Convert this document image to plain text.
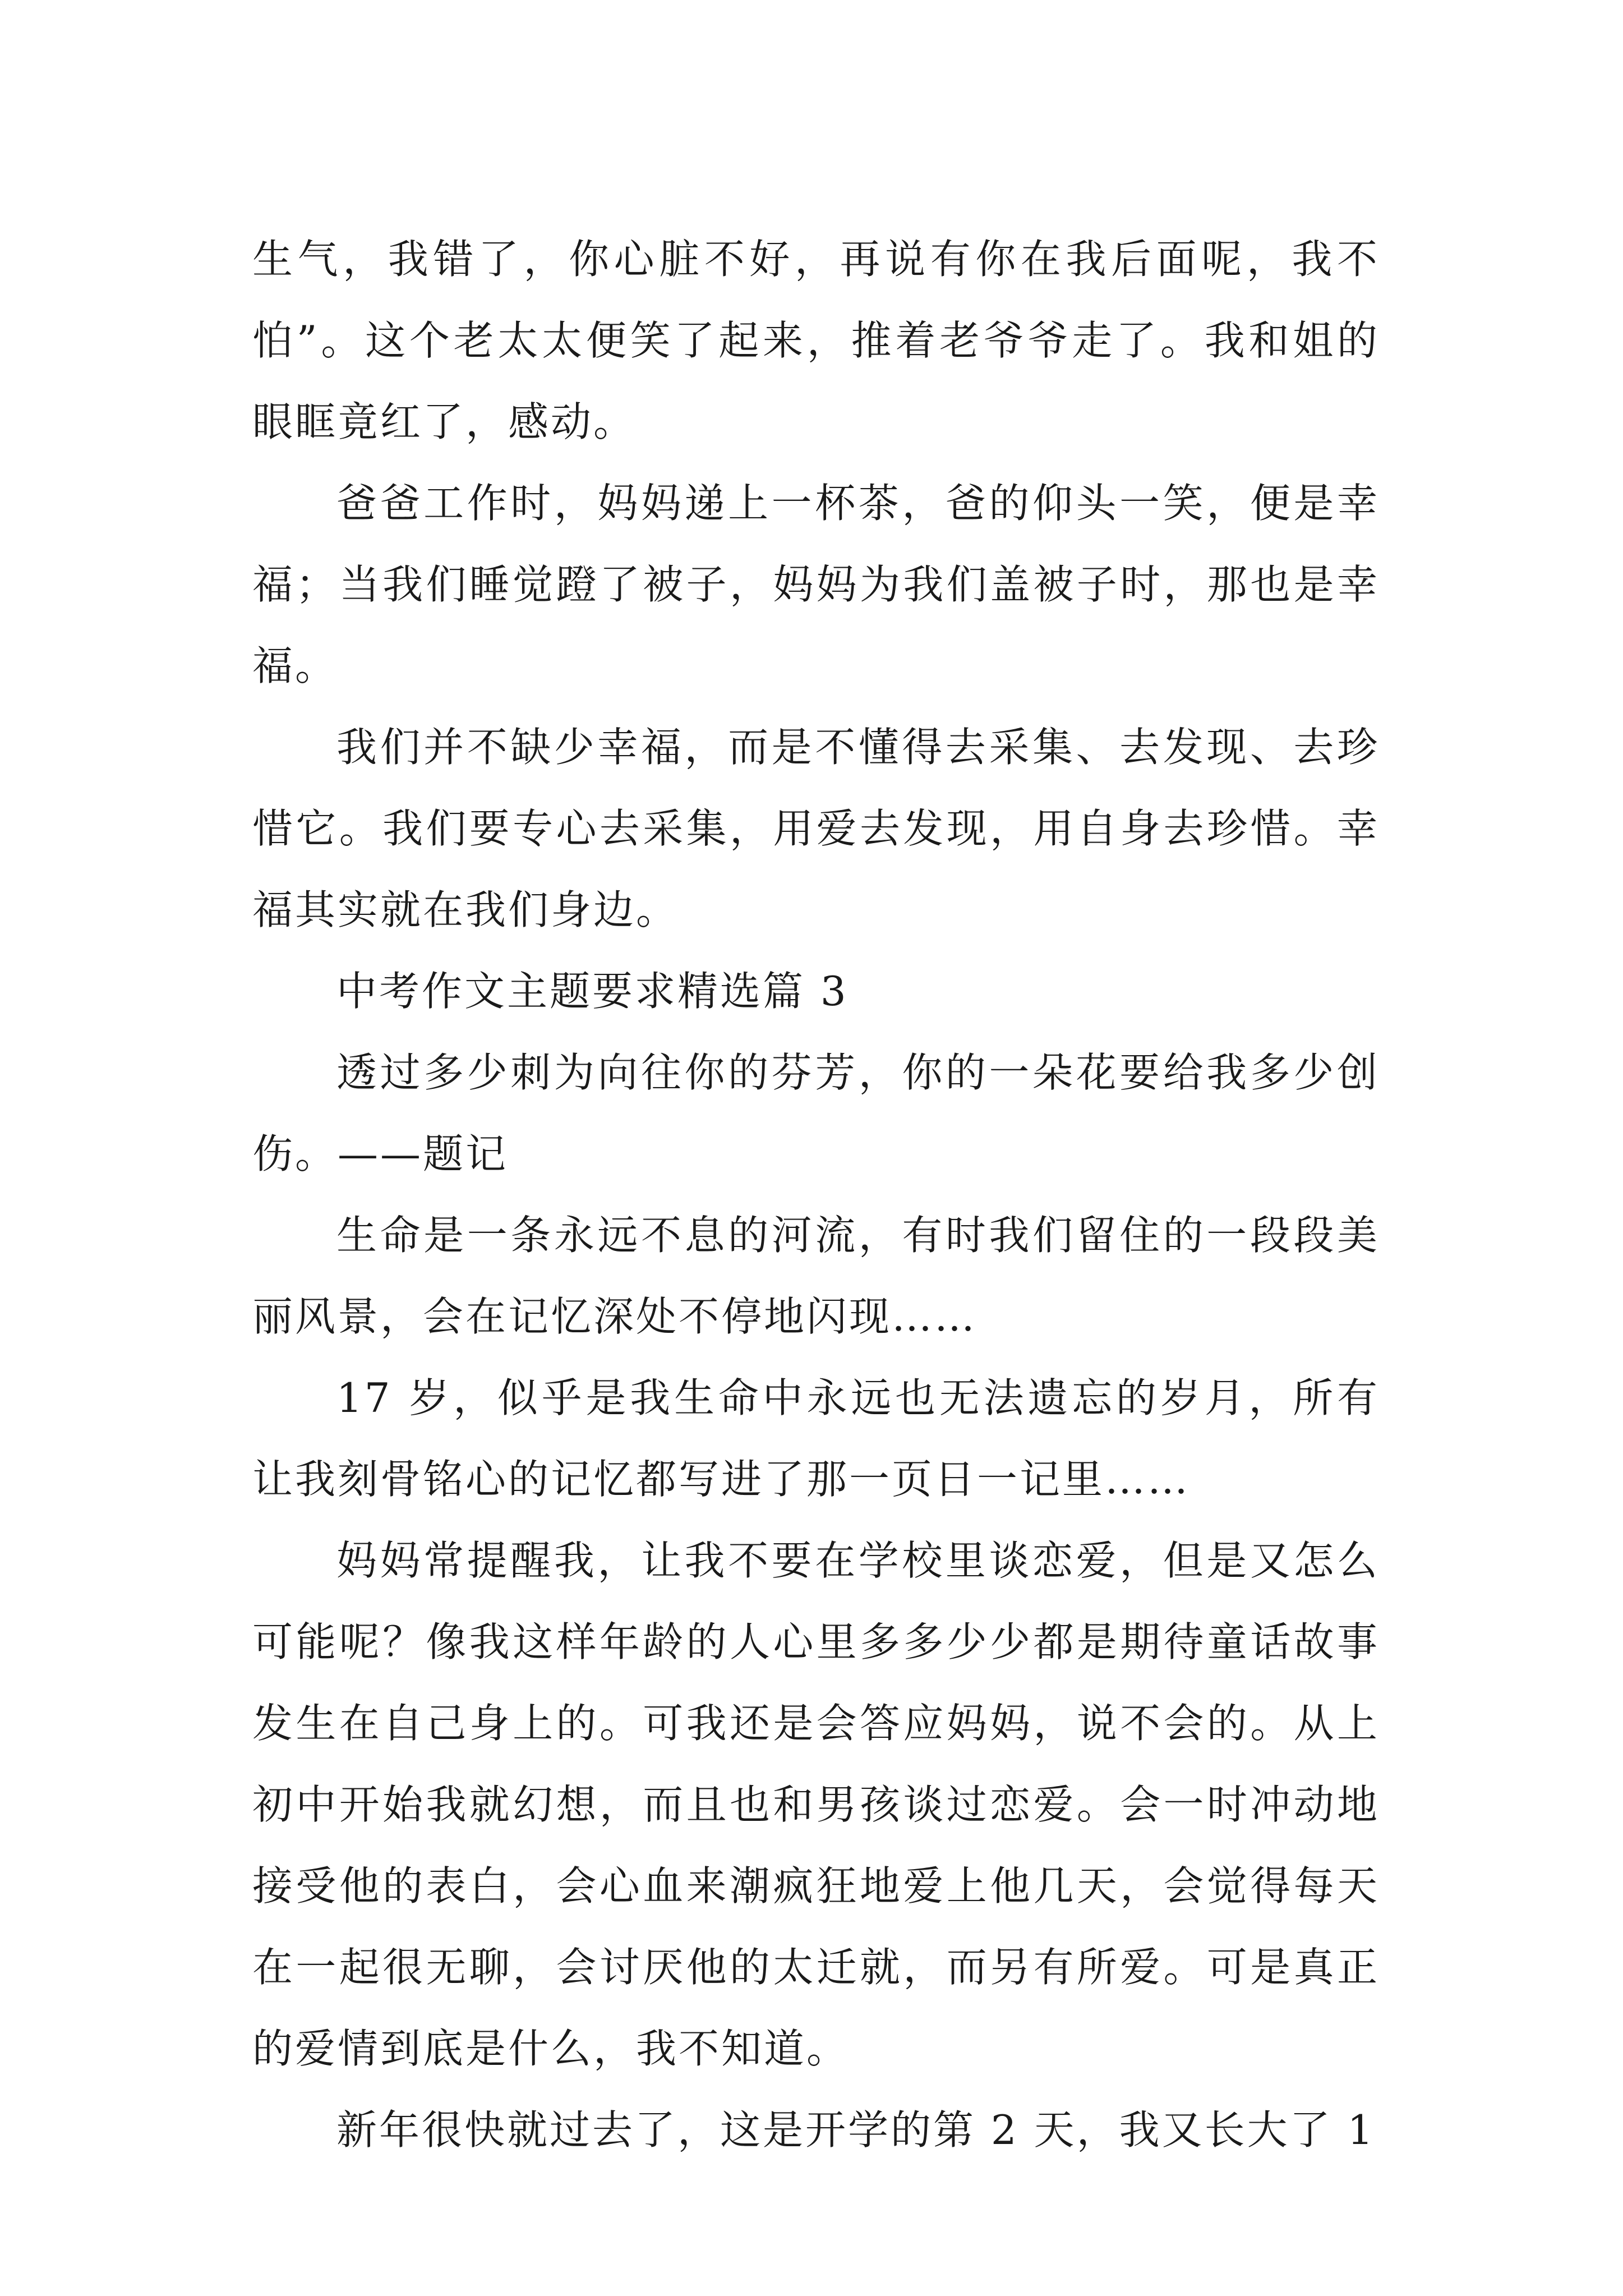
生气，我错了，你心脏不好，再说有你在我后面呢，我不怕”。这个老太太便笑了起来，推着老爷爷走了。我和姐的眼眶竟红了，感动。

爸爸工作时，妈妈递上一杯茶，爸的仰头一笑，便是幸福；当我们睡觉蹬了被子，妈妈为我们盖被子时，那也是幸福。

我们并不缺少幸福，而是不懂得去采集、去发现、去珍惜它。我们要专心去采集，用爱去发现，用自身去珍惜。幸福其实就在我们身边。

中考作文主题要求精选篇 3

透过多少刺为向往你的芬芳，你的一朵花要给我多少创伤。——题记

生命是一条永远不息的河流，有时我们留住的一段段美丽风景，会在记忆深处不停地闪现……

17 岁，似乎是我生命中永远也无法遗忘的岁月，所有让我刻骨铭心的记忆都写进了那一页日一记里……

妈妈常提醒我，让我不要在学校里谈恋爱，但是又怎么可能呢？像我这样年龄的人心里多多少少都是期待童话故事发生在自己身上的。可我还是会答应妈妈，说不会的。从上初中开始我就幻想，而且也和男孩谈过恋爱。会一时冲动地接受他的表白，会心血来潮疯狂地爱上他几天，会觉得每天在一起很无聊，会讨厌他的太迁就，而另有所爱。可是真正的爱情到底是什么，我不知道。

新年很快就过去了，这是开学的第 2 天，我又长大了 1
